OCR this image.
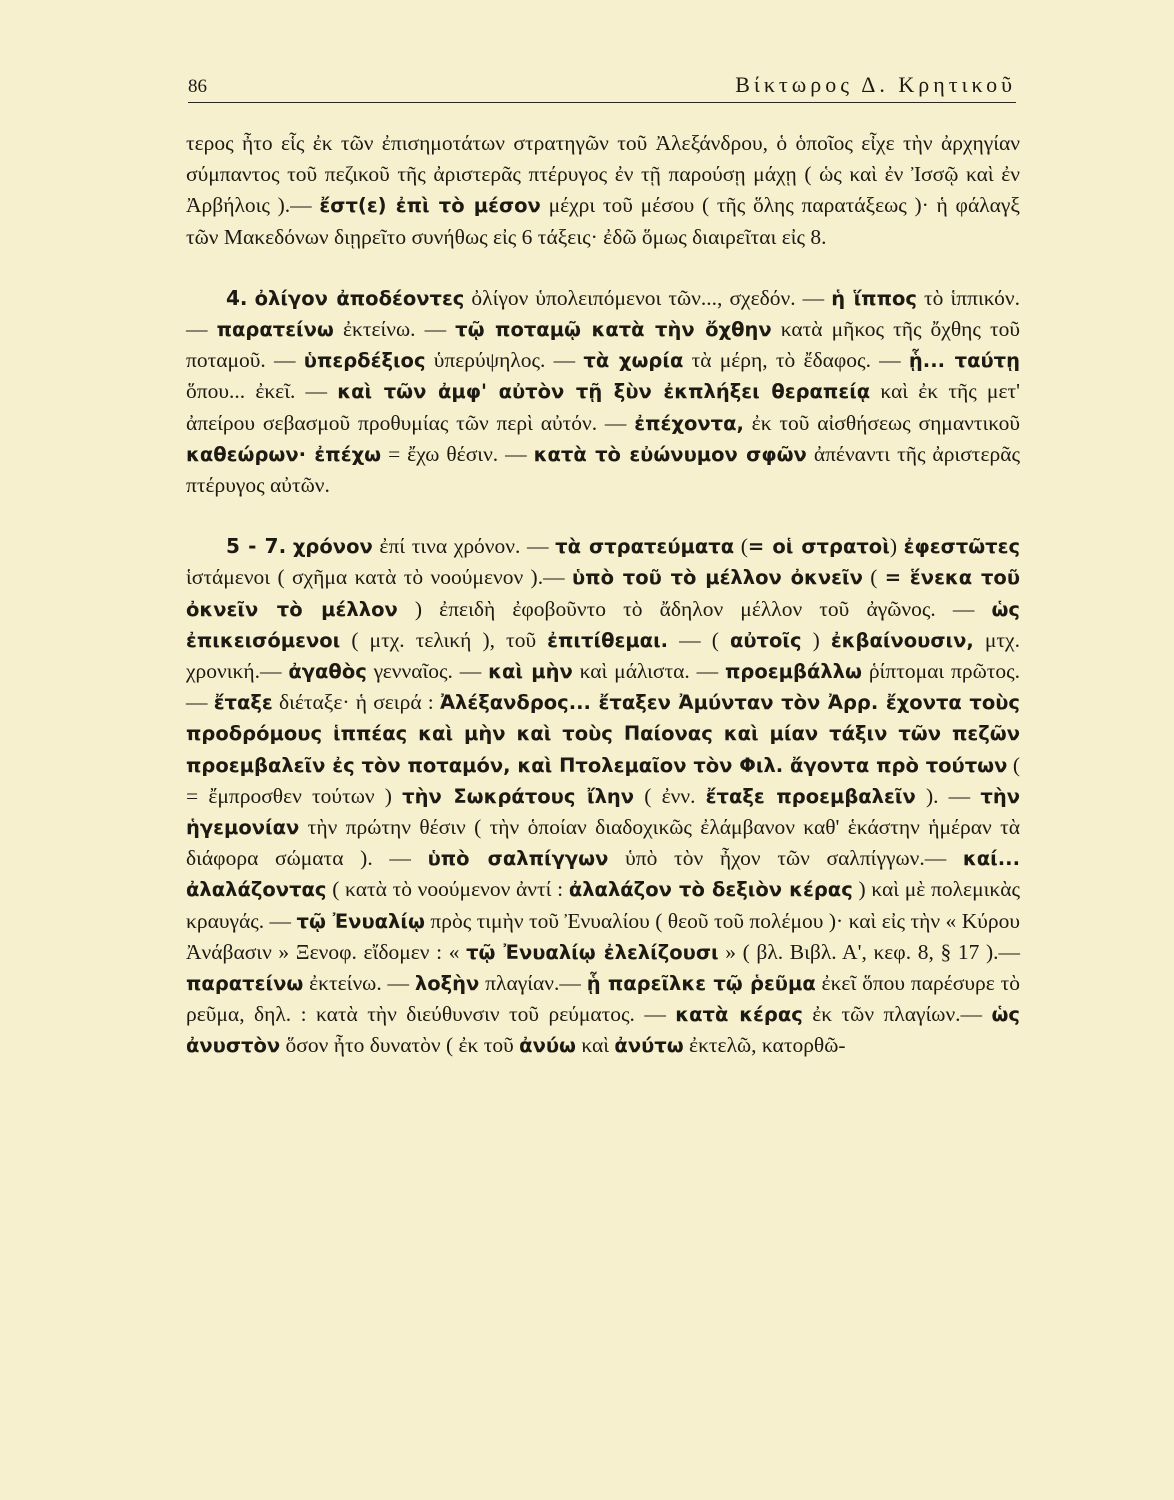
86	Βίκτωρος Δ. Κρητικοῦ

τερος ἦτο εἷς ἐκ τῶν ἐπισημοτάτων στρατηγῶν τοῦ Ἀλεξάνδρου, ὁ ὁποῖος εἶχε τὴν ἀρχηγίαν σύμπαντος τοῦ πεζικοῦ τῆς ἀριστερᾶς πτέρυγος ἐν τῇ παρούσῃ μάχῃ ( ὡς καὶ ἐν Ἰσσῷ καὶ ἐν Ἀρβήλοις ).— ἔστ(ε) ἐπὶ τὸ μέσον μέχρι τοῦ μέσου ( τῆς ὅλης παρατάξεως )· ἡ φάλαγξ τῶν Μακεδόνων διῃρεῖτο συνήθως εἰς 6 τάξεις· ἐδῶ ὅμως διαιρεῖται εἰς 8.

4. ὀλίγον ἀποδέοντες ὀλίγον ὑπολειπόμενοι τῶν..., σχεδόν. — ἡ ἵππος τὸ ἱππικόν. — παρατείνω ἐκτείνω. — τῷ ποταμῷ κατὰ τὴν ὄχθην κατὰ μῆκος τῆς ὄχθης τοῦ ποταμοῦ. — ὑπερδέξιος ὑπερύψηλος. — τὰ χωρία τὰ μέρη, τὸ ἔδαφος. — ᾗ... ταύτῃ ὅπου... ἐκεῖ. — καὶ τῶν ἀμφ' αὐτὸν τῇ ξὺν ἐκπλήξει θεραπείᾳ καὶ ἐκ τῆς μετ' ἀπείρου σεβασμοῦ προθυμίας τῶν περὶ αὐτόν. — ἐπέχοντα, ἐκ τοῦ αἰσθήσεως σημαντικοῦ καθεώρων· ἐπέχω = ἔχω θέσιν. — κατὰ τὸ εὐώνυμον σφῶν ἀπέναντι τῆς ἀριστερᾶς πτέρυγος αὐτῶν.

5 - 7. χρόνον ἐπί τινα χρόνον. — τὰ στρατεύματα (= οἱ στρατοὶ) ἐφεστῶτες ἱστάμενοι ( σχῆμα κατὰ τὸ νοούμενον ).— ὑπὸ τοῦ τὸ μέλλον ὀκνεῖν ( = ἕνεκα τοῦ ὀκνεῖν τὸ μέλλον ) ἐπειδὴ ἐφοβοῦντο τὸ ἄδηλον μέλλον τοῦ ἀγῶνος. — ὡς ἐπικεισόμενοι ( μτχ. τελική ), τοῦ ἐπιτίθεμαι. — ( αὐτοῖς ) ἐκβαίνουσιν, μτχ. χρονική.— ἀγαθὸς γενναῖος. — καὶ μὴν καὶ μάλιστα. — προεμβάλλω ῥίπτομαι πρῶτος. — ἔταξε διέταξε· ἡ σειρά : Ἀλέξανδρος... ἔταξεν Ἀμύνταν τὸν Ἀρρ. ἔχοντα τοὺς προδρόμους ἱππέας καὶ μὴν καὶ τοὺς Παίονας καὶ μίαν τάξιν τῶν πεζῶν προεμβαλεῖν ἐς τὸν ποταμόν, καὶ Πτολεμαῖον τὸν Φιλ. ἄγοντα πρὸ τούτων ( = ἔμπροσθεν τούτων ) τὴν Σωκράτους ἴλην ( ἐνν. ἔταξε προεμβαλεῖν ). — τὴν ἡγεμονίαν τὴν πρώτην θέσιν ( τὴν ὁποίαν διαδοχικῶς ἐλάμβανον καθ' ἑκάστην ἡμέραν τὰ διάφορα σώματα ). — ὑπὸ σαλπίγγων ὑπὸ τὸν ἦχον τῶν σαλπίγγων.— καί... ἀλαλάζοντας ( κατὰ τὸ νοούμενον ἀντί : ἀλαλάζον τὸ δεξιὸν κέρας ) καὶ μὲ πολεμικὰς κραυγάς. — τῷ Ἐνυαλίῳ πρὸς τιμὴν τοῦ Ἐνυαλίου ( θεοῦ τοῦ πολέμου )· καὶ εἰς τὴν « Κύρου Ἀνάβασιν » Ξενοφ. εἴδομεν : « τῷ Ἐνυαλίῳ ἐλελίζουσι » ( βλ. Βιβλ. Α', κεφ. 8, § 17 ).— παρατείνω ἐκτείνω. — λοξὴν πλαγίαν.— ᾗ παρεῖλκε τῷ ῥεῦμα ἐκεῖ ὅπου παρέσυρε τὸ ρεῦμα, δηλ. : κατὰ τὴν διεύθυνσιν τοῦ ρεύματος. — κατὰ κέρας ἐκ τῶν πλαγίων.— ὡς ἀνυστὸν ὅσον ἦτο δυνατὸν ( ἐκ τοῦ ἀνύω καὶ ἀνύτω ἐκτελῶ, κατορθῶ-
